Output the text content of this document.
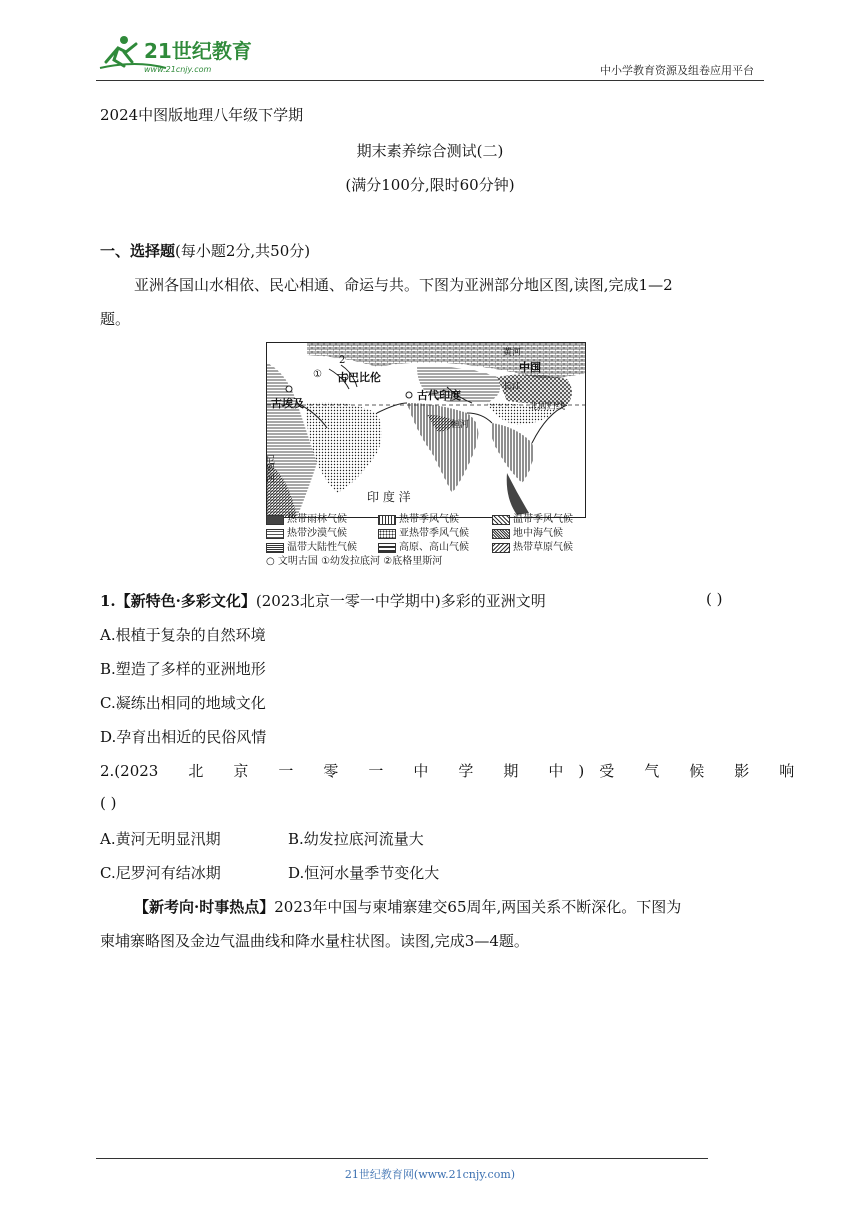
21世纪教育
www.21cnjy.com	中小学教育资源及组卷应用平台
2024中图版地理八年级下学期
期末素养综合测试(二)
(满分100分,限时60分钟)
一、选择题(每小题2分,共50分)
亚洲各国山水相依、民心相通、命运与共。下图为亚洲部分地区图,读图,完成1—2
题。
古巴比伦
古埃及
古代印度
中国
印 度 洋
北回归线
黄河
长江
尼罗河
恒河
①
2
热带雨林气候	热带季风气候	温带季风气候
热带沙漠气候	亚热带季风气候	地中海气候
温带大陆性气候	高原、高山气候	热带草原气候
○ 文明古国 ①幼发拉底河 ②底格里斯河
1.【新特色·多彩文化】(2023北京一零一中学期中)多彩的亚洲文明	( )
A.根植于复杂的自然环境
B.塑造了多样的亚洲地形
C.凝练出相同的地域文化
D.孕育出相近的民俗风情
2.(2023　　北　　京　　一　　零　　一　　中　　学　　期　　中　)　受　　气　　候　　影　　响
( )
A.黄河无明显汛期	B.幼发拉底河流量大
C.尼罗河有结冰期	D.恒河水量季节变化大
【新考向·时事热点】2023年中国与柬埔寨建交65周年,两国关系不断深化。下图为
柬埔寨略图及金边气温曲线和降水量柱状图。读图,完成3—4题。
21世纪教育网(www.21cnjy.com)
